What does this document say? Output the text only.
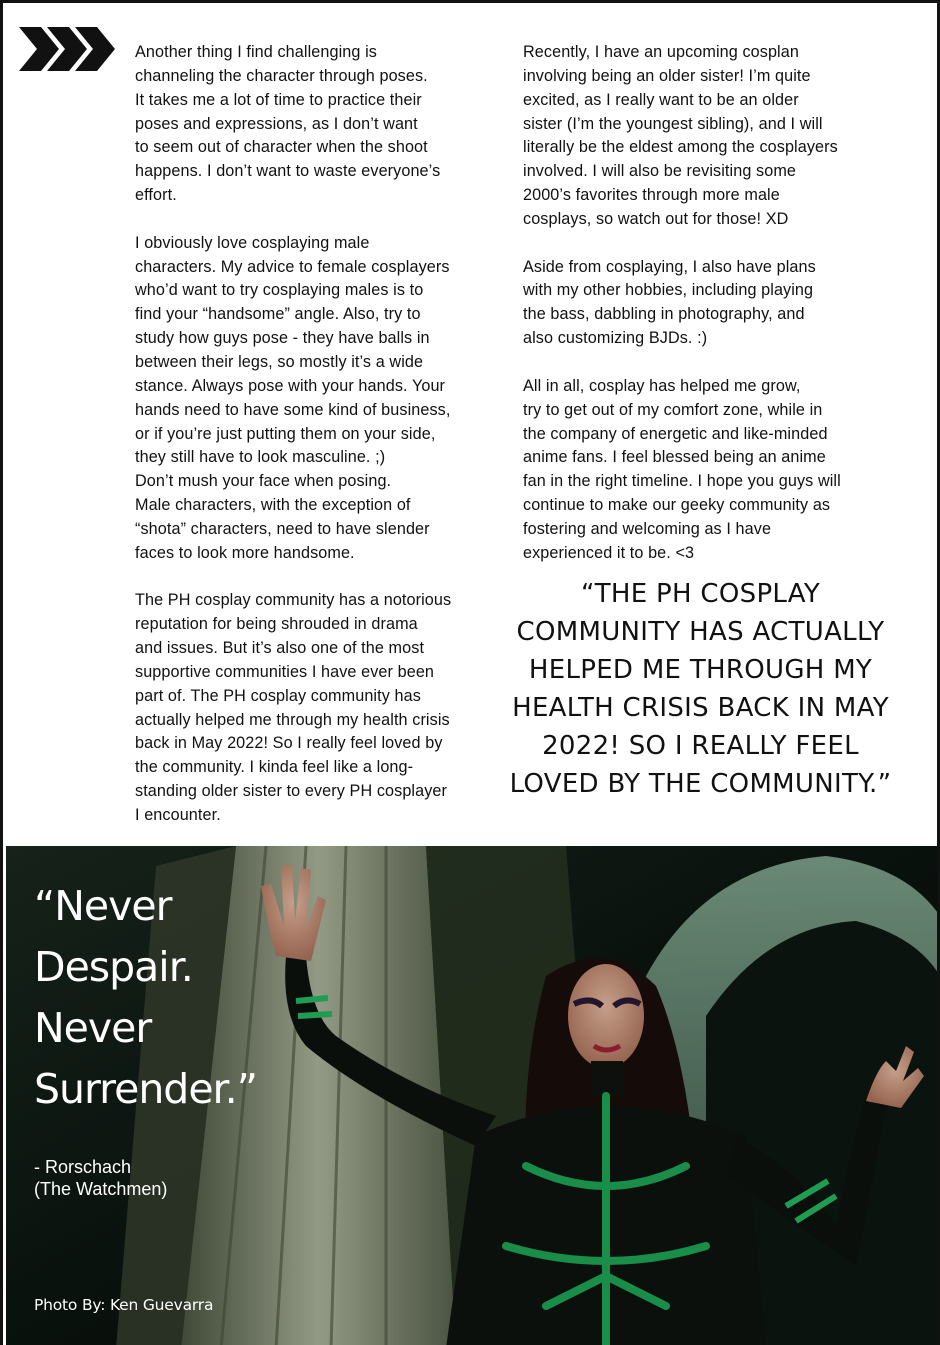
Another thing I find challenging is
channeling the character through poses.
It takes me a lot of time to practice their
poses and expressions, as I don’t want
to seem out of character when the shoot
happens. I don’t want to waste everyone’s
effort.
I obviously love cosplaying male
characters. My advice to female cosplayers
who’d want to try cosplaying males is to
find your “handsome” angle. Also, try to
study how guys pose - they have balls in
between their legs, so mostly it’s a wide
stance. Always pose with your hands. Your
hands need to have some kind of business,
or if you’re just putting them on your side,
they still have to look masculine. ;)
Don’t mush your face when posing.
Male characters, with the exception of
“shota” characters, need to have slender
faces to look more handsome.
The PH cosplay community has a notorious
reputation for being shrouded in drama
and issues. But it’s also one of the most
supportive communities I have ever been
part of. The PH cosplay community has
actually helped me through my health crisis
back in May 2022! So I really feel loved by
the community. I kinda feel like a long-
standing older sister to every PH cosplayer
I encounter.
Recently, I have an upcoming cosplan
involving being an older sister! I’m quite
excited, as I really want to be an older
sister (I’m the youngest sibling), and I will
literally be the eldest among the cosplayers
involved. I will also be revisiting some
2000’s favorites through more male
cosplays, so watch out for those! XD
Aside from cosplaying, I also have plans
with my other hobbies, including playing
the bass, dabbling in photography, and
also customizing BJDs. :)
All in all, cosplay has helped me grow,
try to get out of my comfort zone, while in
the company of energetic and like-minded
anime fans. I feel blessed being an anime
fan in the right timeline. I hope you guys will
continue to make our geeky community as
fostering and welcoming as I have
experienced it to be. <3
“THE PH COSPLAY
COMMUNITY HAS ACTUALLY
HELPED ME THROUGH MY
HEALTH CRISIS BACK IN MAY
2022! SO I REALLY FEEL
LOVED BY THE COMMUNITY.”
“Never
Despair.
Never
Surrender.”
- Rorschach
(The Watchmen)
Photo By: Ken Guevarra
